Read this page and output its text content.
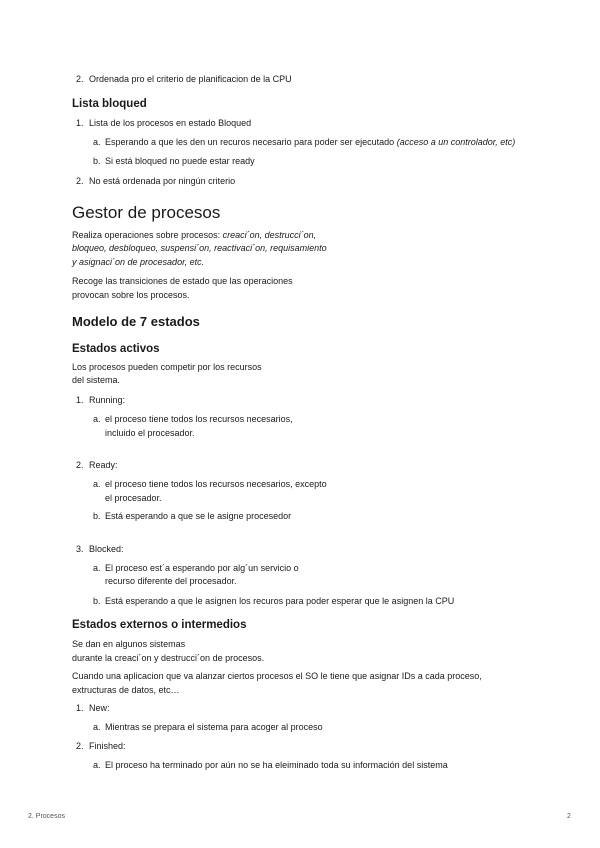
2. Ordenada pro el criterio de planificacion de la CPU
Lista bloqued
1. Lista de los procesos en estado Bloqued
a. Esperando a que les den un recuros necesario para poder ser ejecutado (acceso a un controlador, etc)
b. Si está bloqued no puede estar ready
2. No está ordenada por ningún criterio
Gestor de procesos
Realiza operaciones sobre procesos: creaci´on, destrucci´on,
bloqueo, desbloqueo, suspensi´on, reactivaci´on, requisamiento
y asignaci´on de procesador, etc.
Recoge las transiciones de estado que las operaciones
provocan sobre los procesos.
Modelo de 7 estados
Estados activos
Los procesos pueden competir por los recursos
del sistema.
1. Running:
a. el proceso tiene todos los recursos necesarios,
incluido el procesador.
2. Ready:
a. el proceso tiene todos los recursos necesarios, excepto
el procesador.
b. Está esperando a que se le asigne procesedor
3. Blocked:
a. El proceso est´a esperando por alg´un servicio o
recurso diferente del procesador.
b. Está esperando a que le asignen los recuros para poder esperar que le asignen la CPU
Estados externos o intermedios
Se dan en algunos sistemas
durante la creaci´on y destrucci´on de procesos.
Cuando una aplicacion que va alanzar ciertos procesos el SO le tiene que asignar IDs a cada proceso,
extructuras de datos, etc…
1. New:
a. Mientras se prepara el sistema para acoger al proceso
2. Finished:
a. El proceso ha terminado por aún no se ha eleiminado toda su información del sistema
2. Procesos	2
